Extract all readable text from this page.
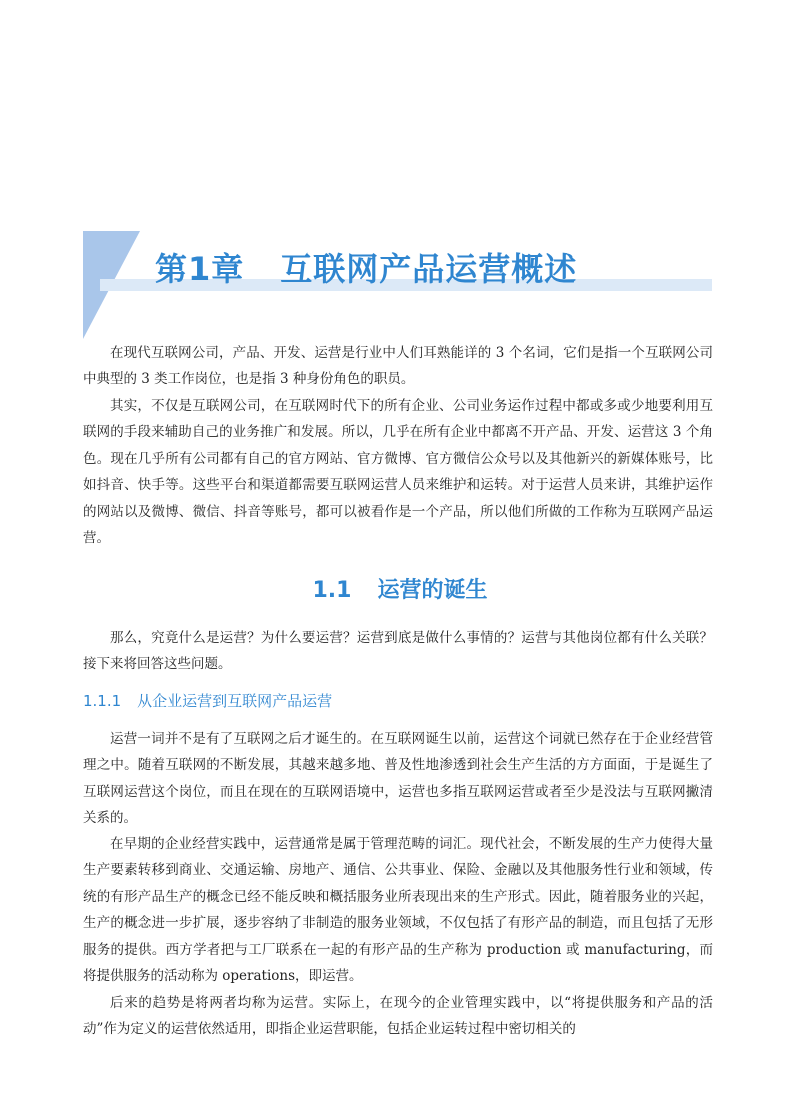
第1章 互联网产品运营概述

在现代互联网公司，产品、开发、运营是行业中人们耳熟能详的 3 个名词，它们是指一个互联网公司中典型的 3 类工作岗位，也是指 3 种身份角色的职员。

其实，不仅是互联网公司，在互联网时代下的所有企业、公司业务运作过程中都或多或少地要利用互联网的手段来辅助自己的业务推广和发展。所以，几乎在所有企业中都离不开产品、开发、运营这 3 个角色。现在几乎所有公司都有自己的官方网站、官方微博、官方微信公众号以及其他新兴的新媒体账号，比如抖音、快手等。这些平台和渠道都需要互联网运营人员来维护和运转。对于运营人员来讲，其维护运作的网站以及微博、微信、抖音等账号，都可以被看作是一个产品，所以他们所做的工作称为互联网产品运营。

1.1 运营的诞生

那么，究竟什么是运营？为什么要运营？运营到底是做什么事情的？运营与其他岗位都有什么关联？接下来将回答这些问题。

1.1.1 从企业运营到互联网产品运营

运营一词并不是有了互联网之后才诞生的。在互联网诞生以前，运营这个词就已然存在于企业经营管理之中。随着互联网的不断发展，其越来越多地、普及性地渗透到社会生产生活的方方面面，于是诞生了互联网运营这个岗位，而且在现在的互联网语境中，运营也多指互联网运营或者至少是没法与互联网撇清关系的。

在早期的企业经营实践中，运营通常是属于管理范畴的词汇。现代社会，不断发展的生产力使得大量生产要素转移到商业、交通运输、房地产、通信、公共事业、保险、金融以及其他服务性行业和领域，传统的有形产品生产的概念已经不能反映和概括服务业所表现出来的生产形式。因此，随着服务业的兴起，生产的概念进一步扩展，逐步容纳了非制造的服务业领域，不仅包括了有形产品的制造，而且包括了无形服务的提供。西方学者把与工厂联系在一起的有形产品的生产称为 production 或 manufacturing，而将提供服务的活动称为 operations，即运营。

后来的趋势是将两者均称为运营。实际上，在现今的企业管理实践中，以“将提供服务和产品的活动”作为定义的运营依然适用，即指企业运营职能，包括企业运转过程中密切相关的
